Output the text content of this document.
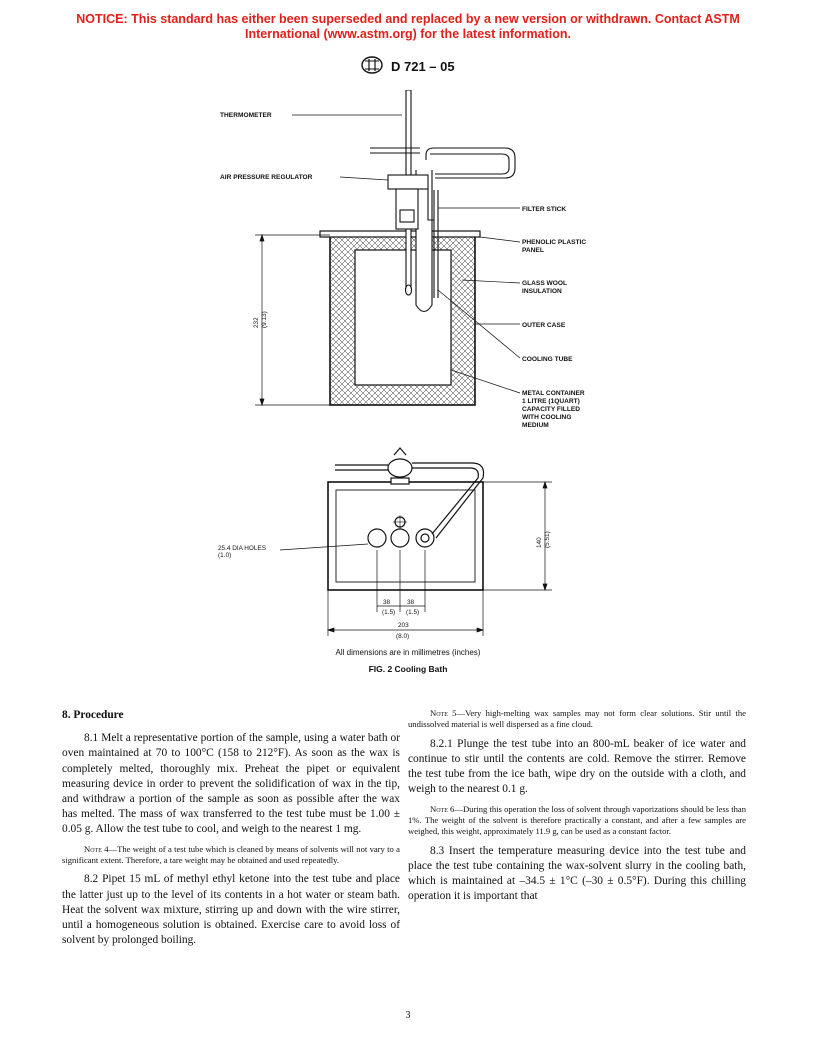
NOTICE: This standard has either been superseded and replaced by a new version or withdrawn. Contact ASTM
International (www.astm.org) for the latest information.
D 721 – 05
THERMOMETER
AIR PRESSURE REGULATOR
FILTER STICK
PHENOLIC PLASTIC
PANEL
GLASS WOOL
INSULATION
OUTER CASE
COOLING TUBE
METAL CONTAINER
1 LITRE (1QUART)
CAPACITY FILLED
WITH COOLING
MEDIUM
232 (9.13)
140 (5.51)
25.4 DIA HOLES
(1.0)
38
(1.5)
38
(1.5)
203
(8.0)
All dimensions are in millimetres (inches)
FIG. 2 Cooling Bath

8. Procedure

8.1 Melt a representative portion of the sample, using a water bath or oven maintained at 70 to 100°C (158 to 212°F). As soon as the wax is completely melted, thoroughly mix. Preheat the pipet or equivalent measuring device in order to prevent the solidification of wax in the tip, and withdraw a portion of the sample as soon as possible after the wax has melted. The mass of wax transferred to the test tube must be 1.00 ± 0.05 g. Allow the test tube to cool, and weigh to the nearest 1 mg.

Note 4—The weight of a test tube which is cleaned by means of solvents will not vary to a significant extent. Therefore, a tare weight may be obtained and used repeatedly.

8.2 Pipet 15 mL of methyl ethyl ketone into the test tube and place the latter just up to the level of its contents in a hot water or steam bath. Heat the solvent wax mixture, stirring up and down with the wire stirrer, until a homogeneous solution is obtained. Exercise care to avoid loss of solvent by prolonged boiling.

Note 5—Very high-melting wax samples may not form clear solutions. Stir until the undissolved material is well dispersed as a fine cloud.

8.2.1 Plunge the test tube into an 800-mL beaker of ice water and continue to stir until the contents are cold. Remove the stirrer. Remove the test tube from the ice bath, wipe dry on the outside with a cloth, and weigh to the nearest 0.1 g.

Note 6—During this operation the loss of solvent through vaporizations should be less than 1%. The weight of the solvent is therefore practically a constant, and after a few samples are weighed, this weight, approximately 11.9 g, can be used as a constant factor.

8.3 Insert the temperature measuring device into the test tube and place the test tube containing the wax-solvent slurry in the cooling bath, which is maintained at –34.5 ± 1°C (–30 ± 0.5°F). During this chilling operation it is important that

3
